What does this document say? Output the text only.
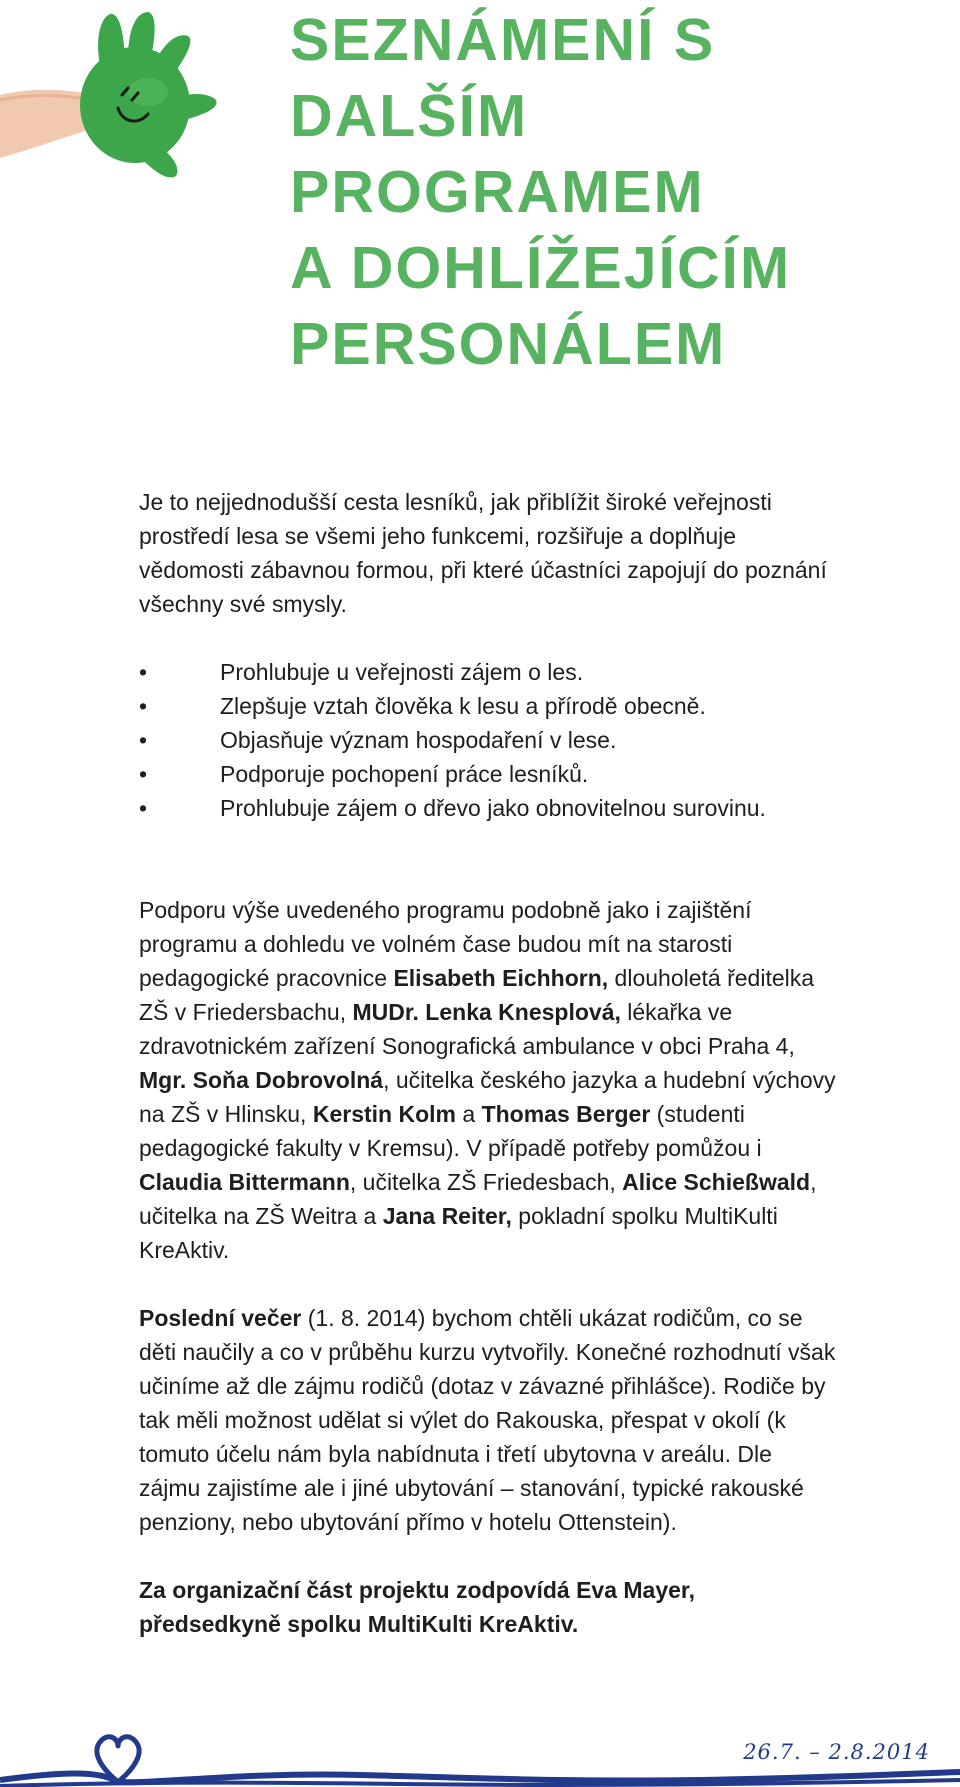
SEZNÁMENÍ S
DALŠÍM
PROGRAMEM
A DOHLÍŽEJÍCÍM
PERSONÁLEM

Je to nejjednodušší cesta lesníků, jak přiblížit široké veřejnosti prostředí lesa se všemi jeho funkcemi, rozšiřuje a doplňuje vědomosti zábavnou formou, při které účastníci zapojují do poznání všechny své smysly.

•	Prohlubuje u veřejnosti zájem o les.
•	Zlepšuje vztah člověka k lesu a přírodě obecně.
•	Objasňuje význam hospodaření v lese.
•	Podporuje pochopení práce lesníků.
•	Prohlubuje zájem o dřevo jako obnovitelnou surovinu.

Podporu výše uvedeného programu podobně jako i zajištění programu a dohledu ve volném čase budou mít na starosti pedagogické pracovnice Elisabeth Eichhorn, dlouholetá ředitelka ZŠ v Friedersbachu, MUDr. Lenka Knesplová, lékařka ve zdravotnickém zařízení Sonografická ambulance v obci Praha 4, Mgr. Soňa Dobrovolná, učitelka českého jazyka a hudební výchovy na ZŠ v Hlinsku, Kerstin Kolm a Thomas Berger (studenti pedagogické fakulty v Kremsu). V případě potřeby pomůžou i Claudia Bittermann, učitelka ZŠ Friedesbach, Alice Schießwald, učitelka na ZŠ Weitra a Jana Reiter, pokladní spolku MultiKulti KreAktiv.

Poslední večer (1. 8. 2014) bychom chtěli ukázat rodičům, co se děti naučily a co v průběhu kurzu vytvořily. Konečné rozhodnutí však učiníme až dle zájmu rodičů (dotaz v závazné přihlášce). Rodiče by tak měli možnost udělat si výlet do Rakouska, přespat v okolí (k tomuto účelu nám byla nabídnuta i třetí ubytovna v areálu. Dle zájmu zajistíme ale i jiné ubytování – stanování, typické rakouské penziony, nebo ubytování přímo v hotelu Ottenstein).

Za organizační část projektu zodpovídá Eva Mayer, předsedkyně spolku MultiKulti KreAktiv.

26.7. – 2.8.2014
